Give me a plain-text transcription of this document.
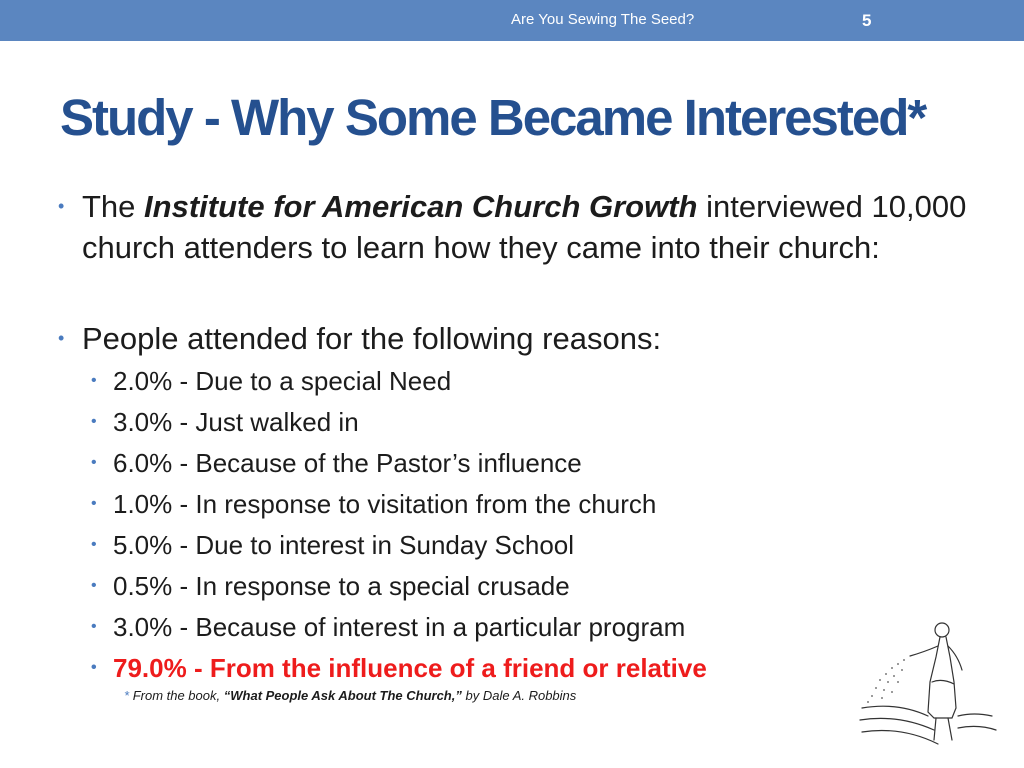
Are You Sewing The Seed?	5
Study - Why Some Became Interested*
• The Institute for American Church Growth interviewed 10,000 church attenders to learn how they came into their church:
• People attended for the following reasons:
• 2.0% - Due to a special Need
• 3.0% - Just walked in
• 6.0% - Because of the Pastor’s influence
• 1.0% - In response to visitation from the church
• 5.0% - Due to interest in Sunday School
• 0.5% - In response to a special crusade
• 3.0% - Because of interest in a particular program
• 79.0% - From the influence of a friend or relative
* From the book, “What People Ask About The Church,” by Dale A. Robbins
